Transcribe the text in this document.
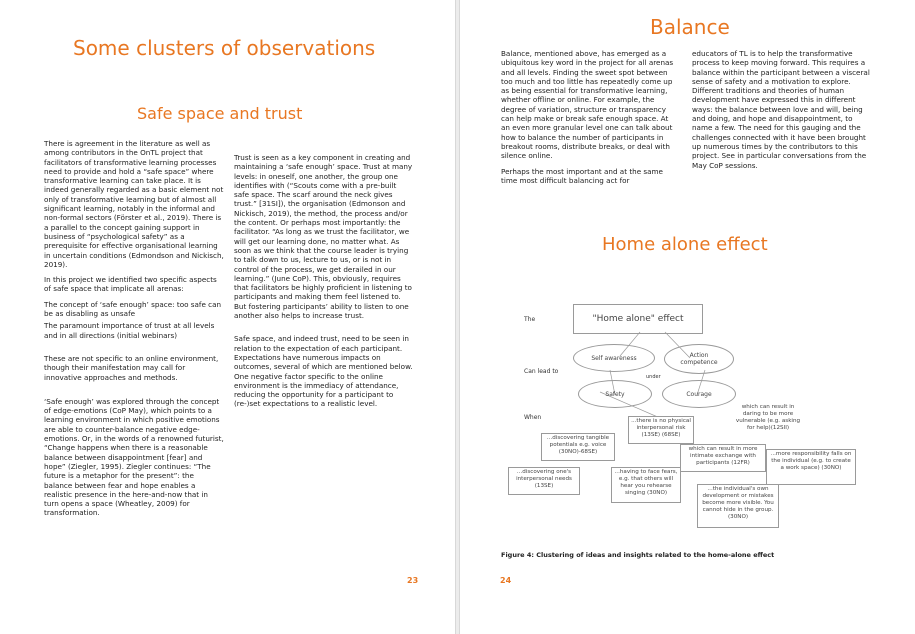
Some clusters of observations
Safe space and trust

There is agreement in the literature as well as among contributors in the OnTL project that facilitators of transformative learning processes need to provide and hold a “safe space” where transformative learning can take place. It is indeed generally regarded as a basic element not only of transformative learning but of almost all significant learning, notably in the informal and non-formal sectors (Förster et al., 2019). There is a parallel to the concept gaining support in business of “psychological safety” as a prerequisite for effective organisational learning in uncertain conditions (Edmondson and Nickisch, 2019).

In this project we identified two specific aspects of safe space that implicate all arenas:

The concept of ‘safe enough’ space: too safe can be as disabling as unsafe

The paramount importance of trust at all levels and in all directions (initial webinars)

These are not specific to an online environment, though their manifestation may call for innovative approaches and methods.

‘Safe enough’ was explored through the concept of edge-emotions (CoP May), which points to a learning environment in which positive emotions are able to counter-balance negative edge-emotions. Or, in the words of a renowned futurist, “Change happens when there is a reasonable balance between disappointment [fear] and hope” (Ziegler, 1995). Ziegler continues: “The future is a metaphor for the present”: the balance between fear and hope enables a realistic presence in the here-and-now that in turn opens a space (Wheatley, 2009) for transformation.

Trust is seen as a key component in creating and maintaining a ‘safe enough’ space. Trust at many levels: in oneself, one another, the group one identifies with (“Scouts come with a pre-built safe space. The scarf around the neck gives trust.” [31SI]), the organisation (Edmonson and Nickisch, 2019), the method, the process and/or the content. Or perhaps most importantly: the facilitator. “As long as we trust the facilitator, we will get our learning done, no matter what. As soon as we think that the course leader is trying to talk down to us, lecture to us, or is not in control of the process, we get derailed in our learning.” (June CoP). This, obviously, requires that facilitators be highly proficient in listening to participants and making them feel listened to. But fostering participants’ ability to listen to one another also helps to increase trust.

Safe space, and indeed trust, need to be seen in relation to the expectation of each participant. Expectations have numerous impacts on outcomes, several of which are mentioned below. One negative factor specific to the online environment is the immediacy of attendance, reducing the opportunity for a participant to (re-)set expectations to a realistic level.

23
Balance

Balance, mentioned above, has emerged as a ubiquitous key word in the project for all arenas and all levels. Finding the sweet spot between too much and too little has repeatedly come up as being essential for transformative learning, whether offline or online. For example, the degree of variation, structure or transparency can help make or break safe enough space. At an even more granular level one can talk about how to balance the number of participants in breakout rooms, distribute breaks, or deal with silence online.

Perhaps the most important and at the same time most difficult balancing act for

educators of TL is to help the transformative process to keep moving forward. This requires a balance within the participant between a visceral sense of safety and a motivation to explore. Different traditions and theories of human development have expressed this in different ways: the balance between love and will, being and doing, and hope and disappointment, to name a few. The need for this gauging and the challenges connected with it have been brought up numerous times by the contributors to this project. See in particular conversations from the May CoP sessions.

Home alone effect
The
Can lead to
When
under
"Home alone" effect
Self awareness	Action competence
Safety	Courage
which can result in daring to be more vulnerable (e.g. asking for help)(12SII)
...there is no physical interpersonal risk (13SE) (68SE)
...discovering tangible potentials e.g. voice (30NO)-68SE)	which can result in more intimate exchange with participants (12FR)
...more responsibility falls on the individual (e.g. to create a work space) (30NO)
...discovering one's interpersonal needs (13SE)
...having to face fears, e.g. that others will hear you rehearse singing (30NO)
...the individual's own development or mistakes become more visible. You cannot hide in the group. (30NO)
Figure 4: Clustering of ideas and insights related to the home-alone effect
24
